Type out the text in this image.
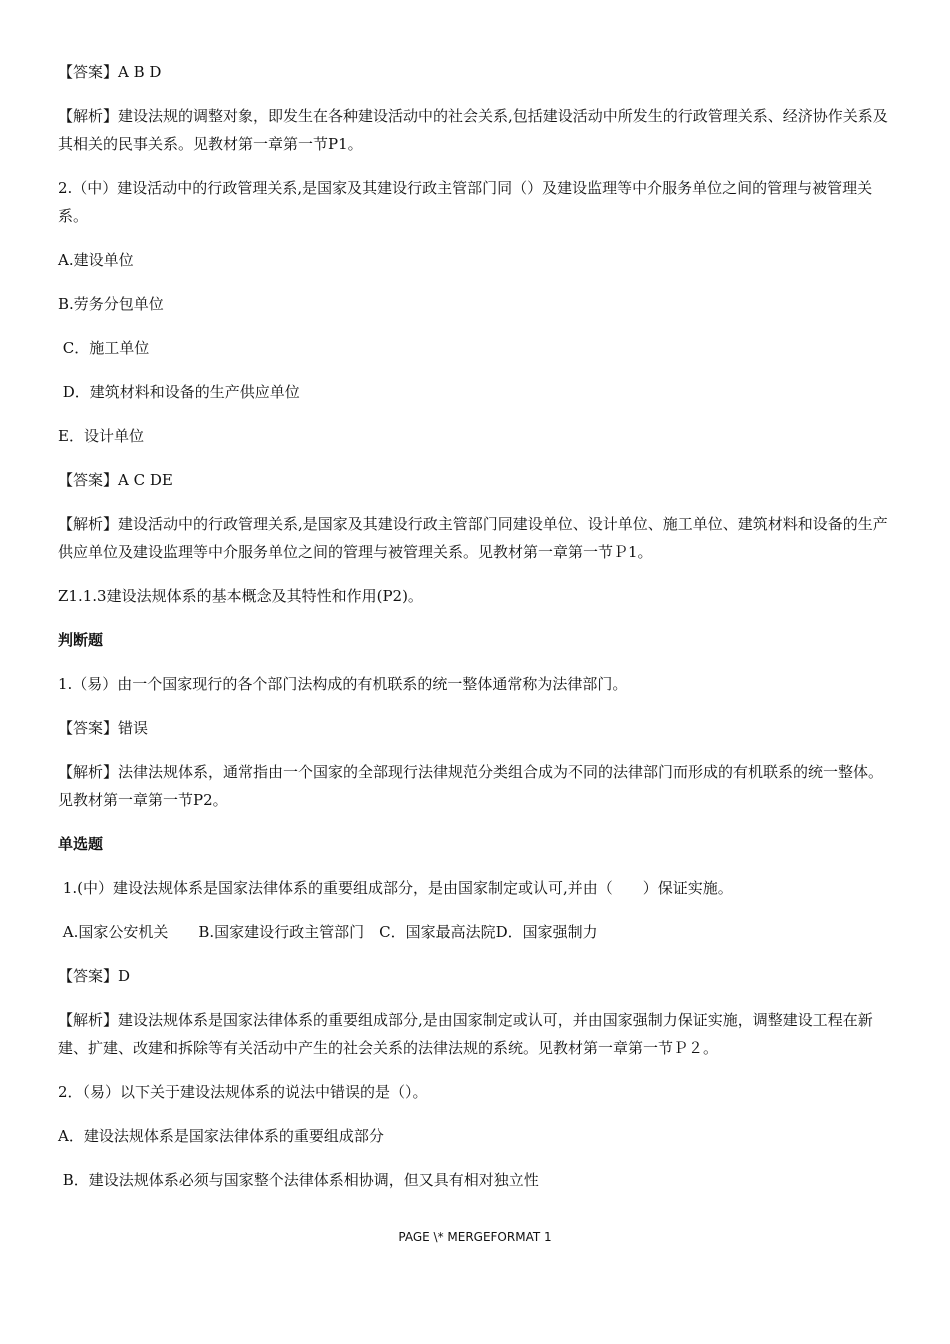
【答案】A B D

【解析】建设法规的调整对象，即发生在各种建设活动中的社会关系,包括建设活动中所发生的行政管理关系、经济协作关系及其相关的民事关系。见教材第一章第一节P1。

2.（中）建设活动中的行政管理关系,是国家及其建设行政主管部门同（）及建设监理等中介服务单位之间的管理与被管理关系。

A.建设单位

B.劳务分包单位

C．施工单位

D．建筑材料和设备的生产供应单位

E．设计单位

【答案】A C DE

【解析】建设活动中的行政管理关系,是国家及其建设行政主管部门同建设单位、设计单位、施工单位、建筑材料和设备的生产供应单位及建设监理等中介服务单位之间的管理与被管理关系。见教材第一章第一节Ｐ1。

Z1.1.3建设法规体系的基本概念及其特性和作用(P2)。

判断题

1.（易）由一个国家现行的各个部门法构成的有机联系的统一整体通常称为法律部门。

【答案】错误

【解析】法律法规体系，通常指由一个国家的全部现行法律规范分类组合成为不同的法律部门而形成的有机联系的统一整体。见教材第一章第一节P2。

单选题

1.(中）建设法规体系是国家法律体系的重要组成部分，是由国家制定或认可,并由（　　）保证实施。

A.国家公安机关　　B.国家建设行政主管部门　C．国家最高法院D．国家强制力

【答案】D

【解析】建设法规体系是国家法律体系的重要组成部分,是由国家制定或认可，并由国家强制力保证实施，调整建设工程在新建、扩建、改建和拆除等有关活动中产生的社会关系的法律法规的系统。见教材第一章第一节Ｐ２。

2．（易）以下关于建设法规体系的说法中错误的是（）。

A．建设法规体系是国家法律体系的重要组成部分

B．建设法规体系必须与国家整个法律体系相协调，但又具有相对独立性

PAGE \* MERGEFORMAT 1
